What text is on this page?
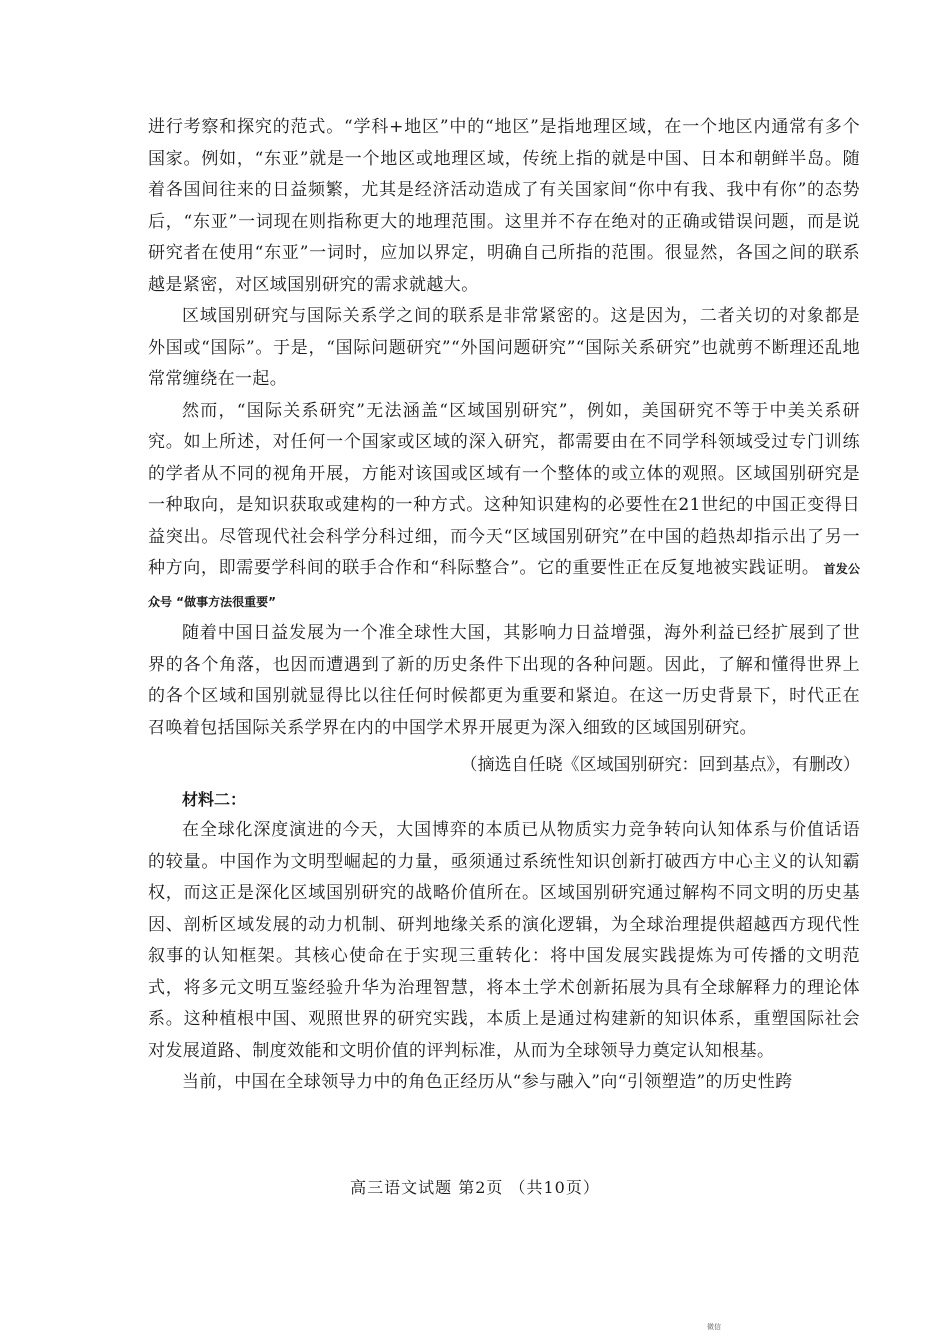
进行考察和探究的范式。“学科+地区”中的“地区”是指地理区域，在一个地区内通常有多个国家。例如，“东亚”就是一个地区或地理区域，传统上指的就是中国、日本和朝鲜半岛。随着各国间往来的日益频繁，尤其是经济活动造成了有关国家间“你中有我、我中有你”的态势后，“东亚”一词现在则指称更大的地理范围。这里并不存在绝对的正确或错误问题，而是说研究者在使用“东亚”一词时，应加以界定，明确自己所指的范围。很显然，各国之间的联系越是紧密，对区域国别研究的需求就越大。

区域国别研究与国际关系学之间的联系是非常紧密的。这是因为，二者关切的对象都是外国或“国际”。于是，“国际问题研究”“外国问题研究”“国际关系研究”也就剪不断理还乱地常常缠绕在一起。

然而，“国际关系研究”无法涵盖“区域国别研究”，例如，美国研究不等于中美关系研究。如上所述，对任何一个国家或区域的深入研究，都需要由在不同学科领域受过专门训练的学者从不同的视角开展，方能对该国或区域有一个整体的或立体的观照。区域国别研究是一种取向，是知识获取或建构的一种方式。这种知识建构的必要性在21世纪的中国正变得日益突出。尽管现代社会科学分科过细，而今天“区域国别研究”在中国的趋热却指示出了另一种方向，即需要学科间的联手合作和“科际整合”。它的重要性正在反复地被实践证明。 首发公众号 “做事方法很重要”

随着中国日益发展为一个准全球性大国，其影响力日益增强，海外利益已经扩展到了世界的各个角落，也因而遭遇到了新的历史条件下出现的各种问题。因此，了解和懂得世界上的各个区域和国别就显得比以往任何时候都更为重要和紧迫。在这一历史背景下，时代正在召唤着包括国际关系学界在内的中国学术界开展更为深入细致的区域国别研究。

（摘选自任晓《区域国别研究：回到基点》，有删改）

材料二：

在全球化深度演进的今天，大国博弈的本质已从物质实力竞争转向认知体系与价值话语的较量。中国作为文明型崛起的力量，亟须通过系统性知识创新打破西方中心主义的认知霸权，而这正是深化区域国别研究的战略价值所在。区域国别研究通过解构不同文明的历史基因、剖析区域发展的动力机制、研判地缘关系的演化逻辑，为全球治理提供超越西方现代性叙事的认知框架。其核心使命在于实现三重转化：将中国发展实践提炼为可传播的文明范式，将多元文明互鉴经验升华为治理智慧，将本土学术创新拓展为具有全球解释力的理论体系。这种植根中国、观照世界的研究实践，本质上是通过构建新的知识体系，重塑国际社会对发展道路、制度效能和文明价值的评判标准，从而为全球领导力奠定认知根基。

当前，中国在全球领导力中的角色正经历从“参与融入”向“引领塑造”的历史性跨

高三语文试题 第2页 （共10页）
微信
